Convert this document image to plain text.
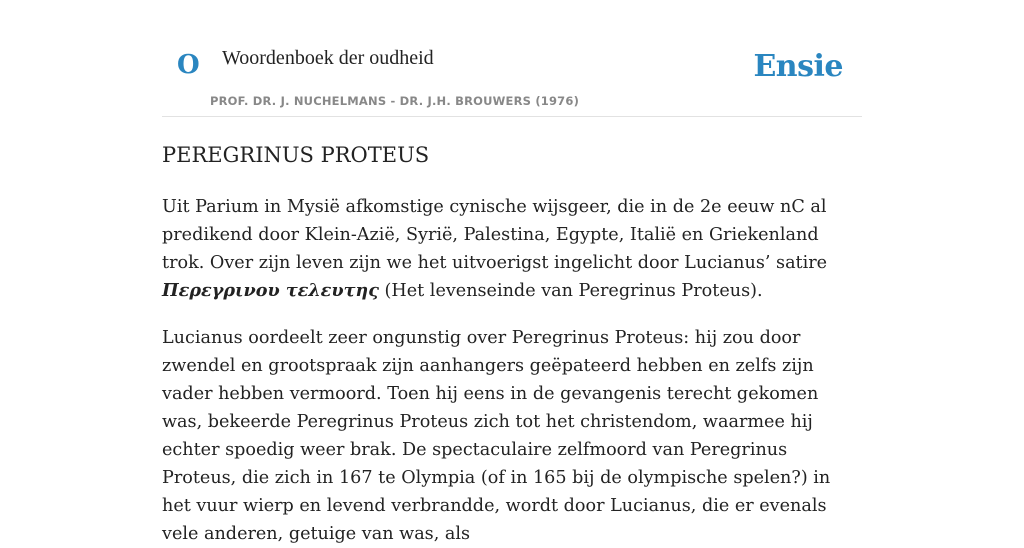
O Woordenboek der oudheid
PROF. DR. J. NUCHELMANS - DR. J.H. BROUWERS (1976)
Ensie
PEREGRINUS PROTEUS

Uit Parium in Mysië afkomstige cynische wijsgeer, die in de 2e eeuw nC al predikend door Klein-Azië, Syrië, Palestina, Egypte, Italië en Griekenland trok. Over zijn leven zijn we het uitvoerigst ingelicht door Lucianus’ satire Περεγρινου τελευτης (Het levenseinde van Peregrinus Proteus).

Lucianus oordeelt zeer ongunstig over Peregrinus Proteus: hij zou door zwendel en grootspraak zijn aanhangers geëpateerd hebben en zelfs zijn vader hebben vermoord. Toen hij eens in de gevangenis terecht gekomen was, bekeerde Peregrinus Proteus zich tot het christendom, waarmee hij echter spoedig weer brak. De spectaculaire zelfmoord van Peregrinus Proteus, die zich in 167 te Olympia (of in 165 bij de olympische spelen?) in het vuur wierp en levend verbrandde, wordt door Lucianus, die er evenals vele anderen, getuige van was, als
